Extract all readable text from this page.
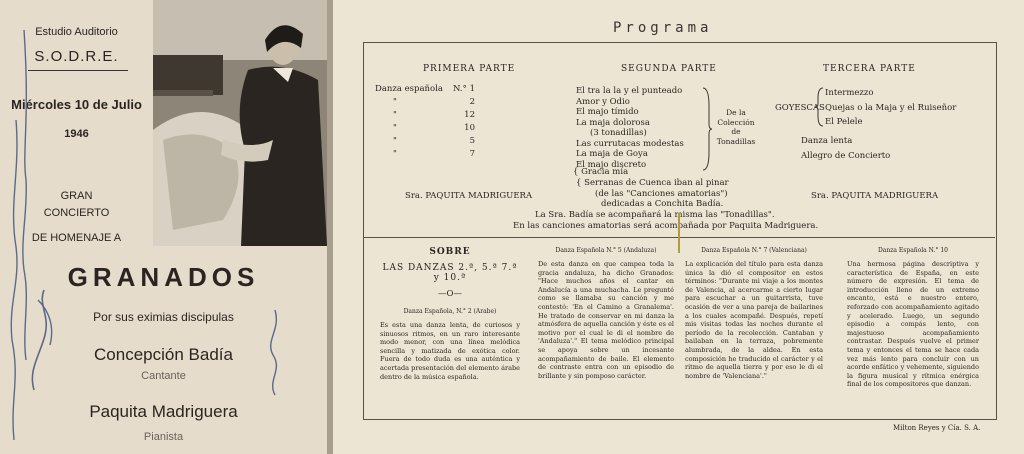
Estudio Auditorio
S.O.D.R.E.
Miércoles 10 de Julio
1946
GRAN
CONCIERTO
DE HOMENAJE A
GRANADOS
Por sus eximias discipulas
Concepción Badía
Cantante
Paquita Madriguera
Pianista
Programa
PRIMERA PARTE
Danza española N.° 1
"	2
"	12
"	10
"	5
"	7
Sra. PAQUITA MADRIGUERA
SEGUNDA PARTE
El tra la la y el punteado
Amor y Odio
El majo tímido
La maja dolorosa
(3 tonadillas)
Las currutacas modestas
La maja de Goya
El majo discreto
De la
Colección
de
Tonadillas
{ Gracia mía
{ Serranas de Cuenca iban al pinar
(de las "Canciones amatorias")
dedicadas a Conchita Badía.
La Sra. Badía se acompañará la misma las "Tonadillas".
En las canciones amatorias será acompañada por Paquita Madriguera.
TERCERA PARTE
GOYESCAS
Intermezzo
Quejas o la Maja y el Ruiseñor
El Pelele
Danza lenta
Allegro de Concierto
Sra. PAQUITA MADRIGUERA
SOBRE
LAS DANZAS 2.ª, 5.ª 7.ª y 10.ª
—O—
Danza Española, N.° 2 (Arabe)
Es esta una danza lenta, de curiosos y sinuosos ritmos, en un raro interesante modo menor, con una línea melódica sencilla y matizada de exótica color. Fuera de todo duda es una auténtica y acertada presentación del elemento árabe dentro de la música española.
Danza Española N.° 5 (Andaluza)
De esta danza en que campea toda la gracia andaluza, ha dicho Granados: "Hace muchos años el cantar en Andalucía a una muchacha. Le pregunté como se llamaba su canción y me contestó: 'En el Camino a Granalema'. He tratado de conservar en mi danza la atmósfera de aquella canción y éste es el motivo por el cual le di el nombre de 'Andaluza'." El tema melódico principal se apoya sobre un incesante acompañamiento de baile. El elemento de contraste entra con un episodio de brillante y sin pomposo carácter.
Danza Española N.° 7 (Valenciana)
La explicación del título para esta danza única la dió el compositor en estos términos: "Durante mi viaje a los montes de Valencia, al acercarme a cierto lugar para escuchar a un guitarrista, tuve ocasión de ver a una pareja de bailarines a los cuales acompañé. Después, repetí mis visitas todas las noches durante el período de la recolección. Cantaban y bailaban en la terraza, pobremente alumbrada, de la aldea. En esta composición he traducido el carácter y el ritmo de aquella tierra y por eso le di el nombre de 'Valenciana'."
Danza Española N.° 10
Una hermosa página descriptiva y característica de España, en este número de expresión. El tema de introducción lleno de un extremo encanto, está e nuestro entero, reforzado con acompañamiento agitado y acelerado. Luego, un segundo episodio a compás lento, con majestuoso acompañamiento contrastar. Después vuelve el primer tema y entonces el tema se hace cada vez más lento para concluir con un acorde enfático y vehemente, siguiendo la figura musical y rítmica enérgica final de los compositores que danzan.
Milton Reyes y Cía. S. A.
